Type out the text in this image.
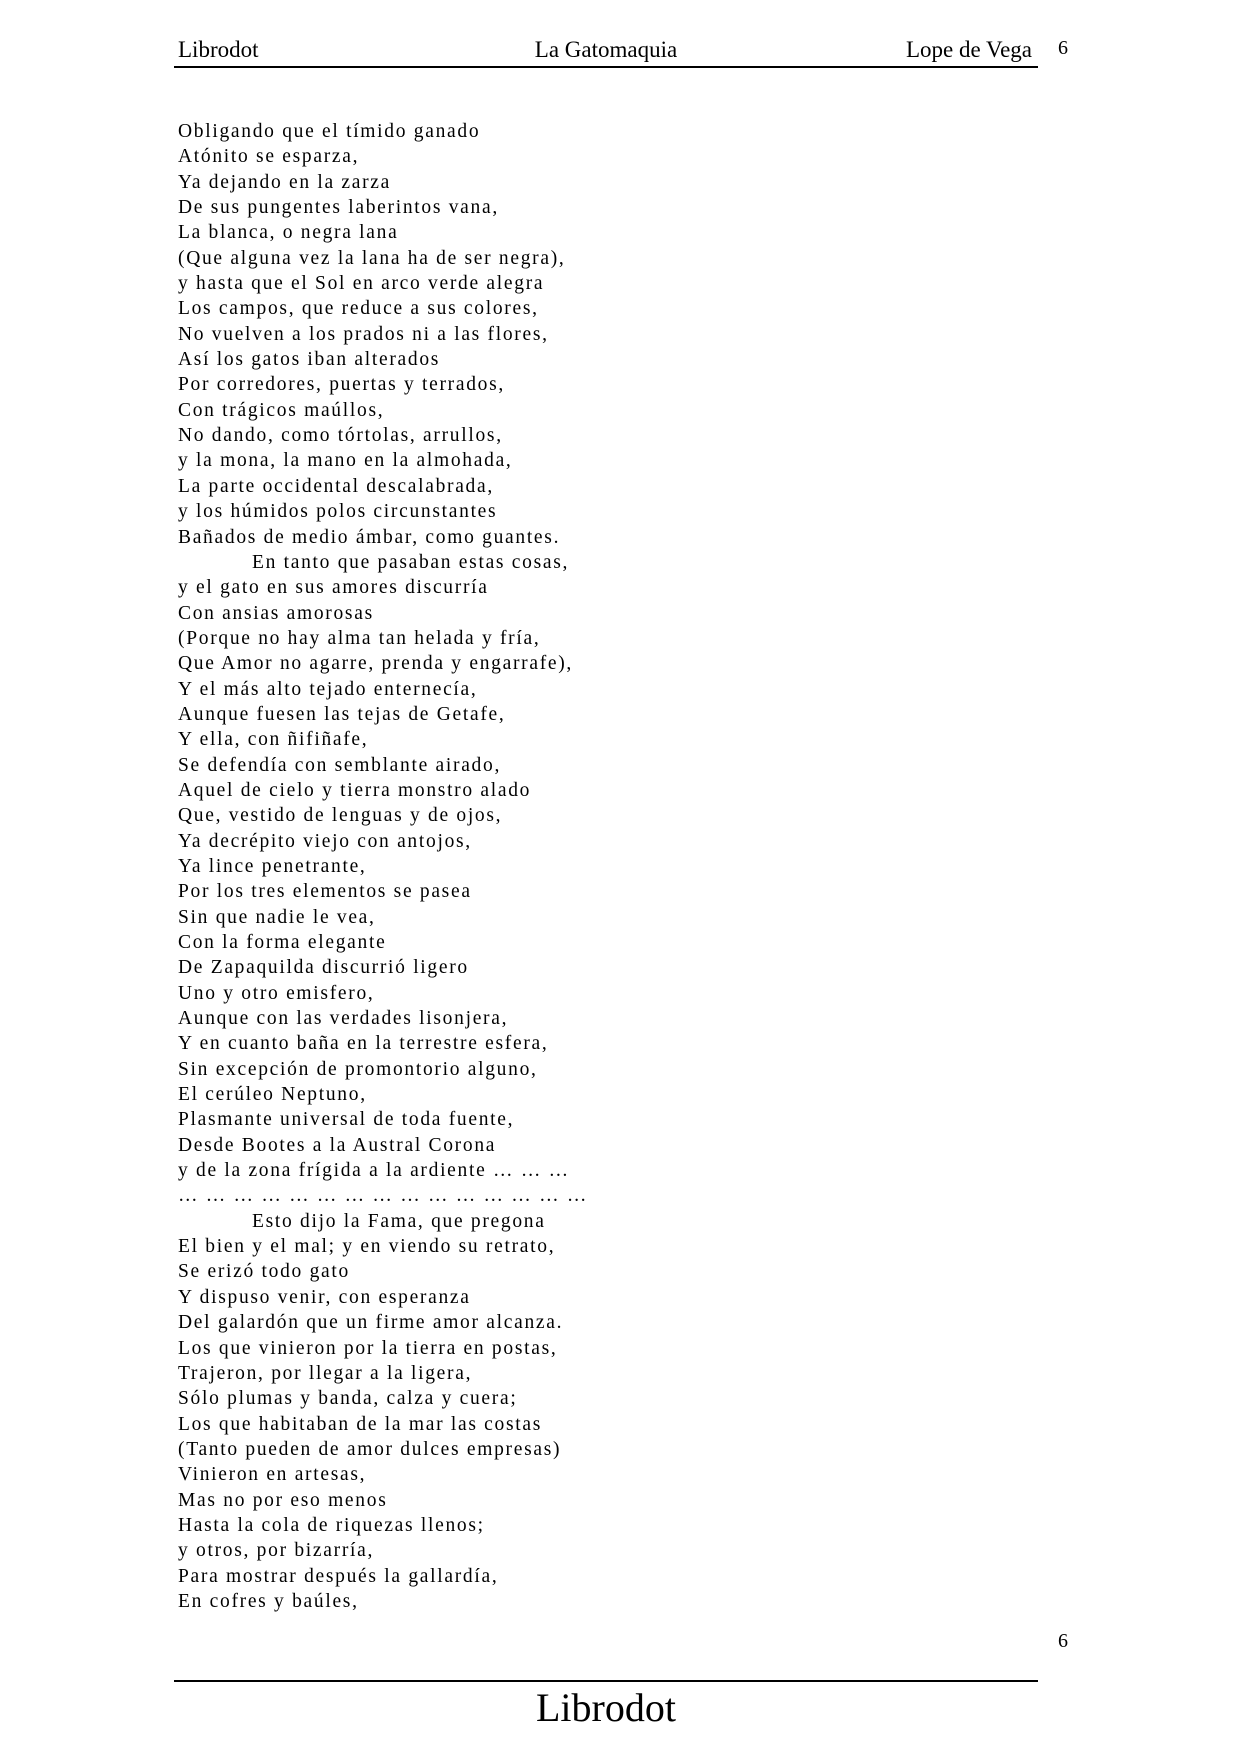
Librodot	La Gatomaquia	Lope de Vega 6
Obligando que el tímido ganado
Atónito se esparza,
Ya dejando en la zarza
De sus pungentes laberintos vana,
La blanca, o negra lana
(Que alguna vez la lana ha de ser negra),
y hasta que el Sol en arco verde alegra
Los campos, que reduce a sus colores,
No vuelven a los prados ni a las flores,
Así los gatos iban alterados
Por corredores, puertas y terrados,
Con trágicos maúllos,
No dando, como tórtolas, arrullos,
y la mona, la mano en la almohada,
La parte occidental descalabrada,
y los húmidos polos circunstantes
Bañados de medio ámbar, como guantes.
En tanto que pasaban estas cosas,
y el gato en sus amores discurría
Con ansias amorosas
(Porque no hay alma tan helada y fría,
Que Amor no agarre, prenda y engarrafe),
Y el más alto tejado enternecía,
Aunque fuesen las tejas de Getafe,
Y ella, con ñifiñafe,
Se defendía con semblante airado,
Aquel de cielo y tierra monstro alado
Que, vestido de lenguas y de ojos,
Ya decrépito viejo con antojos,
Ya lince penetrante,
Por los tres elementos se pasea
Sin que nadie le vea,
Con la forma elegante
De Zapaquilda discurrió ligero
Uno y otro emisfero,
Aunque con las verdades lisonjera,
Y en cuanto baña en la terrestre esfera,
Sin excepción de promontorio alguno,
El cerúleo Neptuno,
Plasmante universal de toda fuente,
Desde Bootes a la Austral Corona
y de la zona frígida a la ardiente … … …
… … … … … … … … … … … … … … …
Esto dijo la Fama, que pregona
El bien y el mal; y en viendo su retrato,
Se erizó todo gato
Y dispuso venir, con esperanza
Del galardón que un firme amor alcanza.
Los que vinieron por la tierra en postas,
Trajeron, por llegar a la ligera,
Sólo plumas y banda, calza y cuera;
Los que habitaban de la mar las costas
(Tanto pueden de amor dulces empresas)
Vinieron en artesas,
Mas no por eso menos
Hasta la cola de riquezas llenos;
y otros, por bizarría,
Para mostrar después la gallardía,
En cofres y baúles,
6
Librodot
